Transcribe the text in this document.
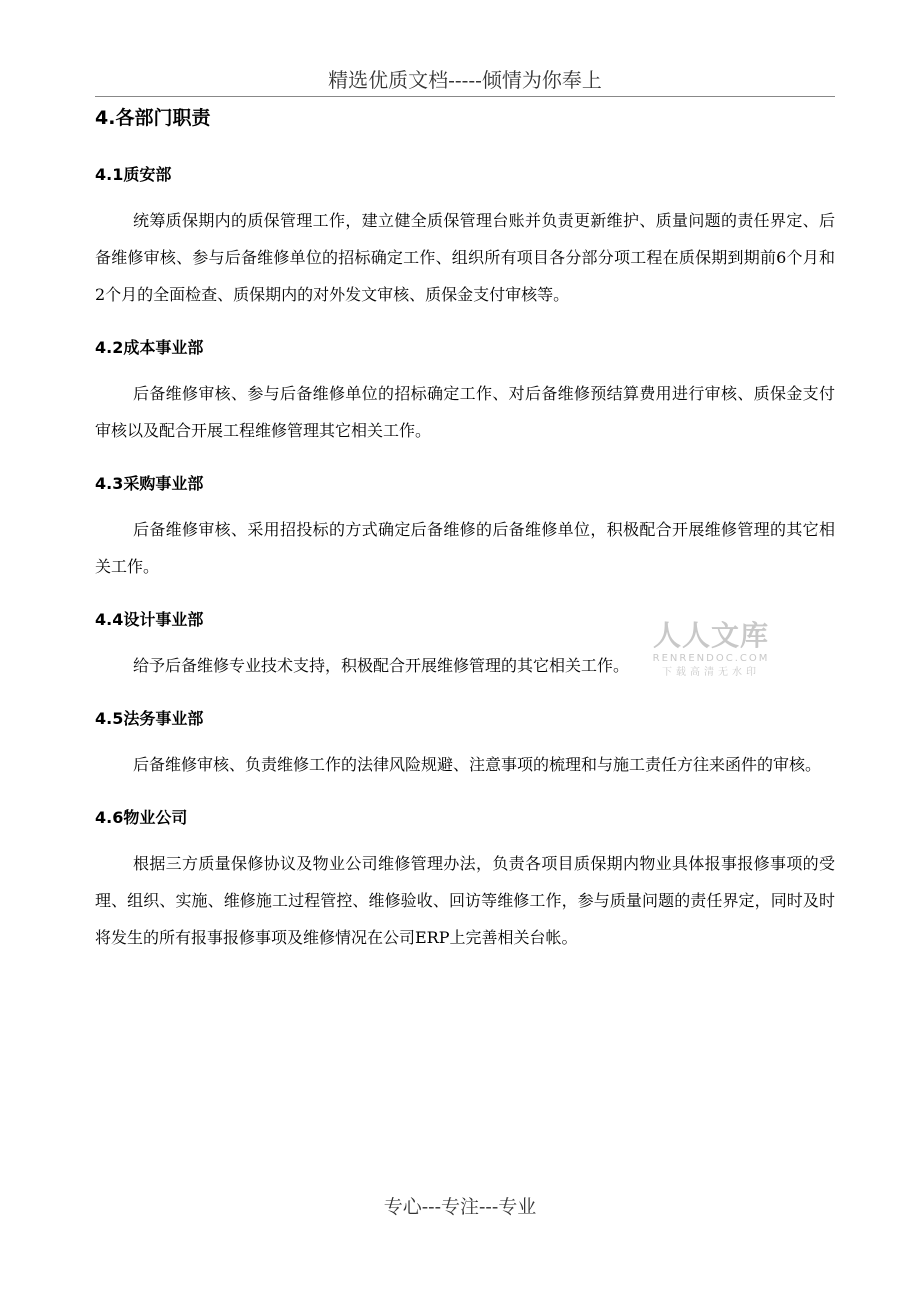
精选优质文档-----倾情为你奉上
4.各部门职责

4.1质安部

统筹质保期内的质保管理工作，建立健全质保管理台账并负责更新维护、质量问题的责任界定、后备维修审核、参与后备维修单位的招标确定工作、组织所有项目各分部分项工程在质保期到期前6个月和2个月的全面检查、质保期内的对外发文审核、质保金支付审核等。

4.2成本事业部

后备维修审核、参与后备维修单位的招标确定工作、对后备维修预结算费用进行审核、质保金支付审核以及配合开展工程维修管理其它相关工作。

4.3采购事业部

后备维修审核、采用招投标的方式确定后备维修的后备维修单位，积极配合开展维修管理的其它相关工作。

4.4设计事业部

给予后备维修专业技术支持，积极配合开展维修管理的其它相关工作。

4.5法务事业部

后备维修审核、负责维修工作的法律风险规避、注意事项的梳理和与施工责任方往来函件的审核。

4.6物业公司

根据三方质量保修协议及物业公司维修管理办法，负责各项目质保期内物业具体报事报修事项的受理、组织、实施、维修施工过程管控、维修验收、回访等维修工作，参与质量问题的责任界定，同时及时将发生的所有报事报修事项及维修情况在公司ERP上完善相关台帐。

人人文库
RENRENDOC.COM
下载高清无水印
专心---专注---专业
